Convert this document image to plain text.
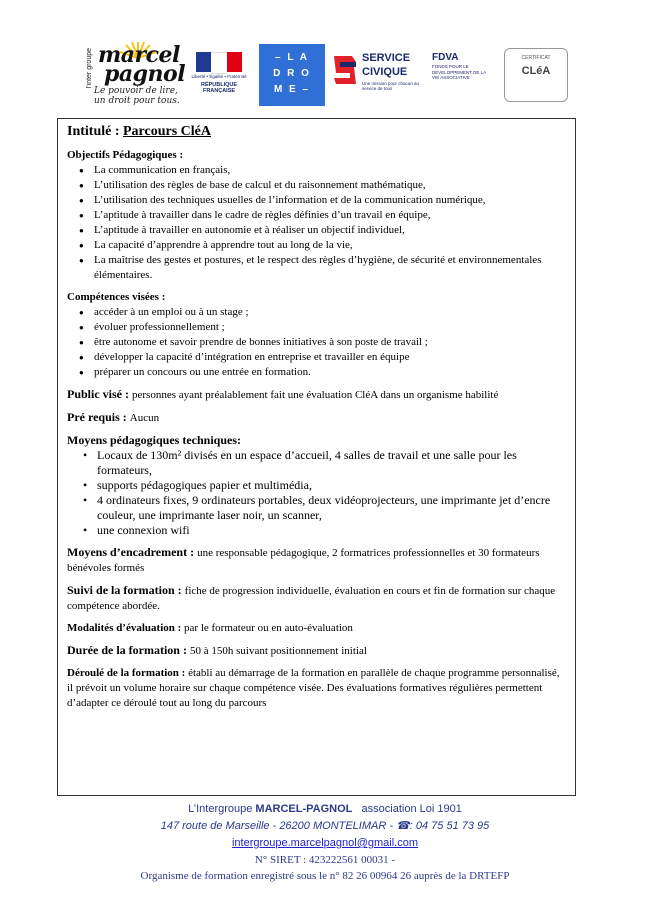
l'inter groupe marcel
pagnol
Le pouvoir de lire,
un droit pour tous.
Liberté • Égalité • Fraternité
RÉPUBLIQUE FRANÇAISE
– L A
D R O
M E –
SERVICE
CIVIQUE
Une mission pour chacun au service de tous
FDVA
FONDS POUR LE DÉVELOPPEMENT DE LA VIE ASSOCIATIVE
CERTIFICAT
CLéA
Intitulé : Parcours CléA
Objectifs Pédagogiques :
● La communication en français,
● L’utilisation des règles de base de calcul et du raisonnement mathématique,
● L’utilisation des techniques usuelles de l’information et de la communication numérique,
● L’aptitude à travailler dans le cadre de règles définies d’un travail en équipe,
● L’aptitude à travailler en autonomie et à réaliser un objectif individuel,
● La capacité d’apprendre à apprendre tout au long de la vie,
● La maîtrise des gestes et postures, et le respect des règles d’hygiène, de sécurité et environnementales élémentaires.
Compétences visées :
● accéder à un emploi ou à un stage ;
● évoluer professionnellement ;
● être autonome et savoir prendre de bonnes initiatives à son poste de travail ;
● développer la capacité d’intégration en entreprise et travailler en équipe
● préparer un concours ou une entrée en formation.
Public visé : personnes ayant préalablement fait une évaluation CléA dans un organisme habilité
Pré requis : Aucun
Moyens pédagogiques techniques:
• Locaux de 130m² divisés en un espace d’accueil, 4 salles de travail et une salle pour les formateurs,
• supports pédagogiques papier et multimédia,
• 4 ordinateurs fixes, 9 ordinateurs portables, deux vidéoprojecteurs, une imprimante jet d’encre couleur, une imprimante laser noir, un scanner,
• une connexion wifi
Moyens d’encadrement : une responsable pédagogique, 2 formatrices professionnelles et 30 formateurs bénévoles formés
Suivi de la formation : fiche de progression individuelle, évaluation en cours et fin de formation sur chaque compétence abordée.
Modalités d’évaluation : par le formateur ou en auto-évaluation
Durée de la formation : 50 à 150h suivant positionnement initial
Déroulé de la formation : établi au démarrage de la formation en parallèle de chaque programme personnalisé, il prévoit un volume horaire sur chaque compétence visée. Des évaluations formatives régulières permettent d’adapter ce déroulé tout au long du parcours
L’Intergroupe MARCEL-PAGNOL   association Loi 1901
147 route de Marseille - 26200 MONTELIMAR - ☎: 04 75 51 73 95
intergroupe.marcelpagnol@gmail.com
N° SIRET : 423222561 00031 -
Organisme de formation enregistré sous le n° 82 26 00964 26 auprès de la DRTEFP
